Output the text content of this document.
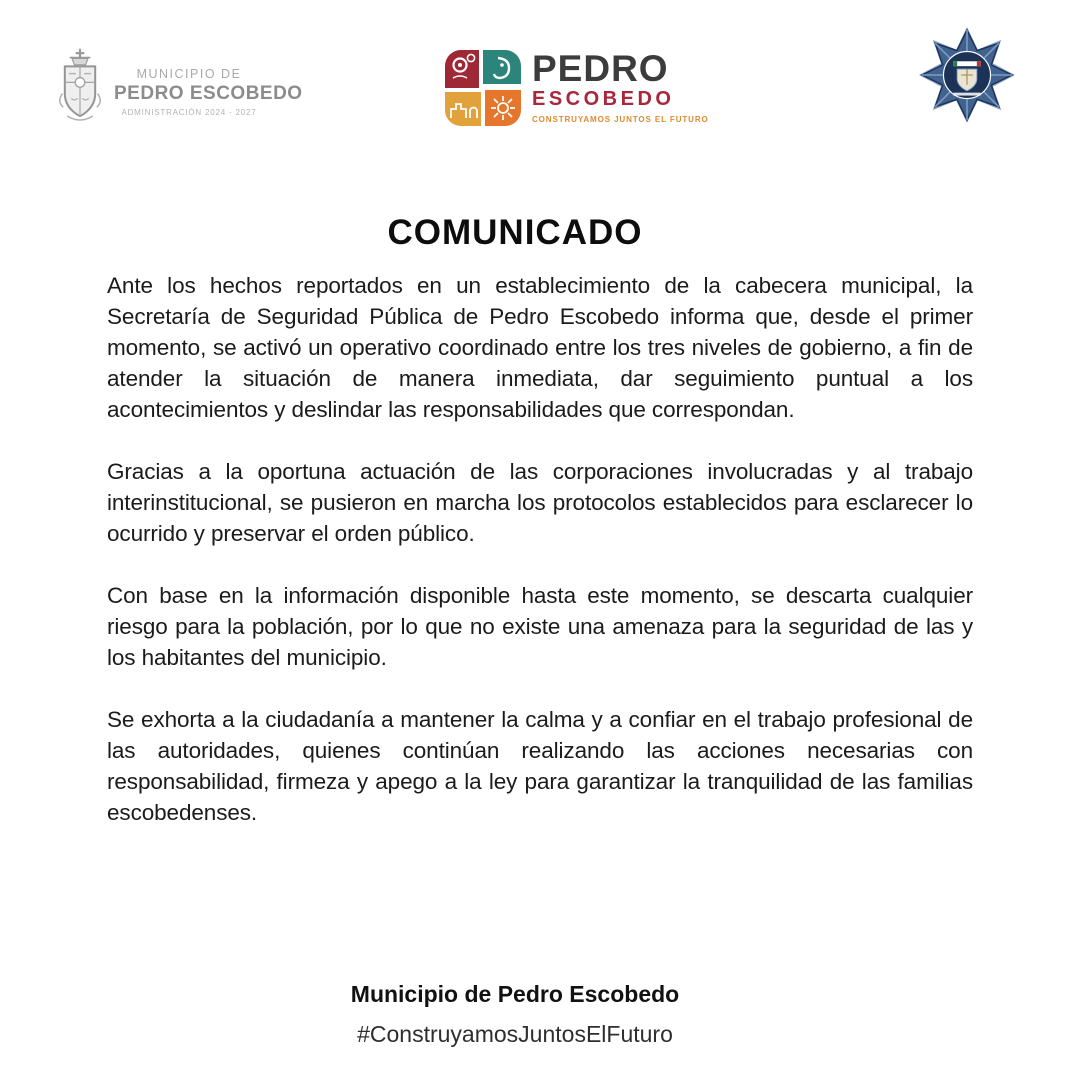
MUNICIPIO DE
PEDRO ESCOBEDO
ADMINISTRACIÓN 2024 - 2027
PEDRO
ESCOBEDO
CONSTRUYAMOS JUNTOS EL FUTURO
COMUNICADO

Ante los hechos reportados en un establecimiento de la cabecera municipal, la Secretaría de Seguridad Pública de Pedro Escobedo informa que, desde el primer momento, se activó un operativo coordinado entre los tres niveles de gobierno, a fin de atender la situación de manera inmediata, dar seguimiento puntual a los acontecimientos y deslindar las responsabilidades que correspondan.

Gracias a la oportuna actuación de las corporaciones involucradas y al trabajo interinstitucional, se pusieron en marcha los protocolos establecidos para esclarecer lo ocurrido y preservar el orden público.

Con base en la información disponible hasta este momento, se descarta cualquier riesgo para la población, por lo que no existe una amenaza para la seguridad de las y los habitantes del municipio.

Se exhorta a la ciudadanía a mantener la calma y a confiar en el trabajo profesional de las autoridades, quienes continúan realizando las acciones necesarias con responsabilidad, firmeza y apego a la ley para garantizar la tranquilidad de las familias escobedenses.

Municipio de Pedro Escobedo
#ConstruyamosJuntosElFuturo
